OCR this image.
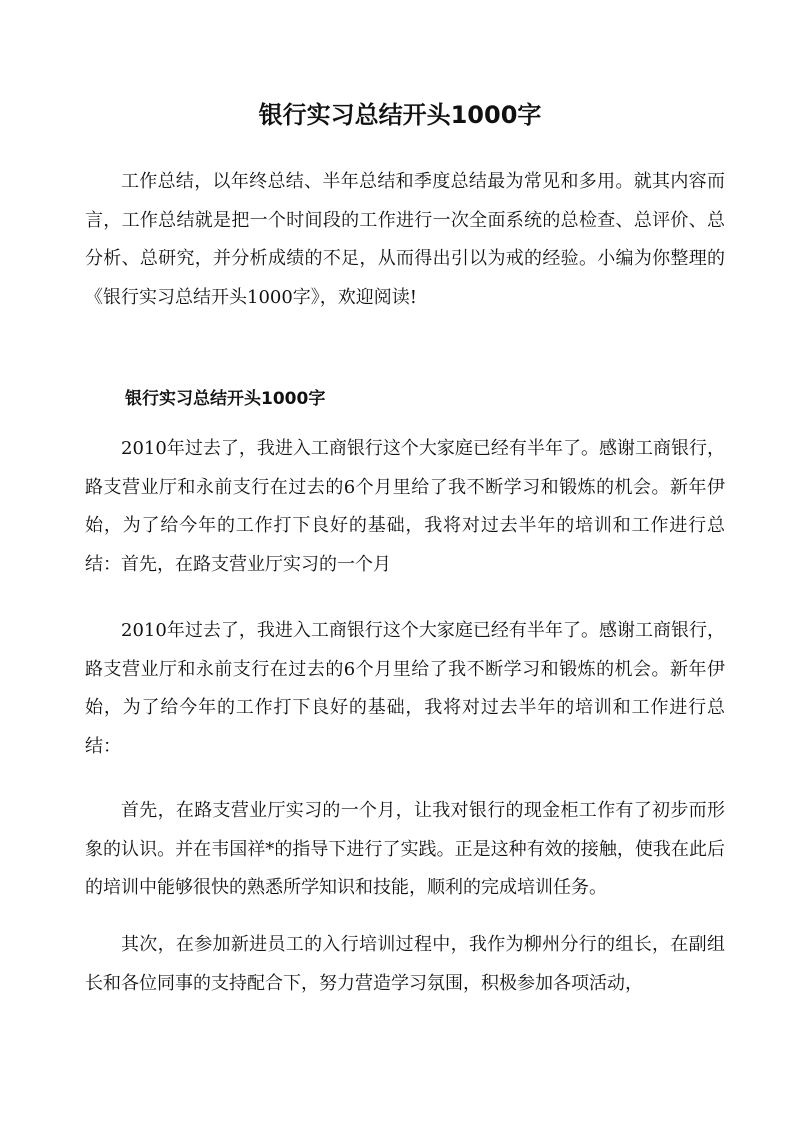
银行实习总结开头1000字

工作总结，以年终总结、半年总结和季度总结最为常见和多用。就其内容而言，工作总结就是把一个时间段的工作进行一次全面系统的总检查、总评价、总分析、总研究，并分析成绩的不足，从而得出引以为戒的经验。小编为你整理的《银行实习总结开头1000字》，欢迎阅读!

银行实习总结开头1000字

2010年过去了，我进入工商银行这个大家庭已经有半年了。感谢工商银行，路支营业厅和永前支行在过去的6个月里给了我不断学习和锻炼的机会。新年伊始，为了给今年的工作打下良好的基础，我将对过去半年的培训和工作进行总结：首先，在路支营业厅实习的一个月

2010年过去了，我进入工商银行这个大家庭已经有半年了。感谢工商银行，路支营业厅和永前支行在过去的6个月里给了我不断学习和锻炼的机会。新年伊始，为了给今年的工作打下良好的基础，我将对过去半年的培训和工作进行总结：

首先，在路支营业厅实习的一个月，让我对银行的现金柜工作有了初步而形象的认识。并在韦国祥*的指导下进行了实践。正是这种有效的接触，使我在此后的培训中能够很快的熟悉所学知识和技能，顺利的完成培训任务。

其次，在参加新进员工的入行培训过程中，我作为柳州分行的组长，在副组长和各位同事的支持配合下，努力营造学习氛围，积极参加各项活动，
